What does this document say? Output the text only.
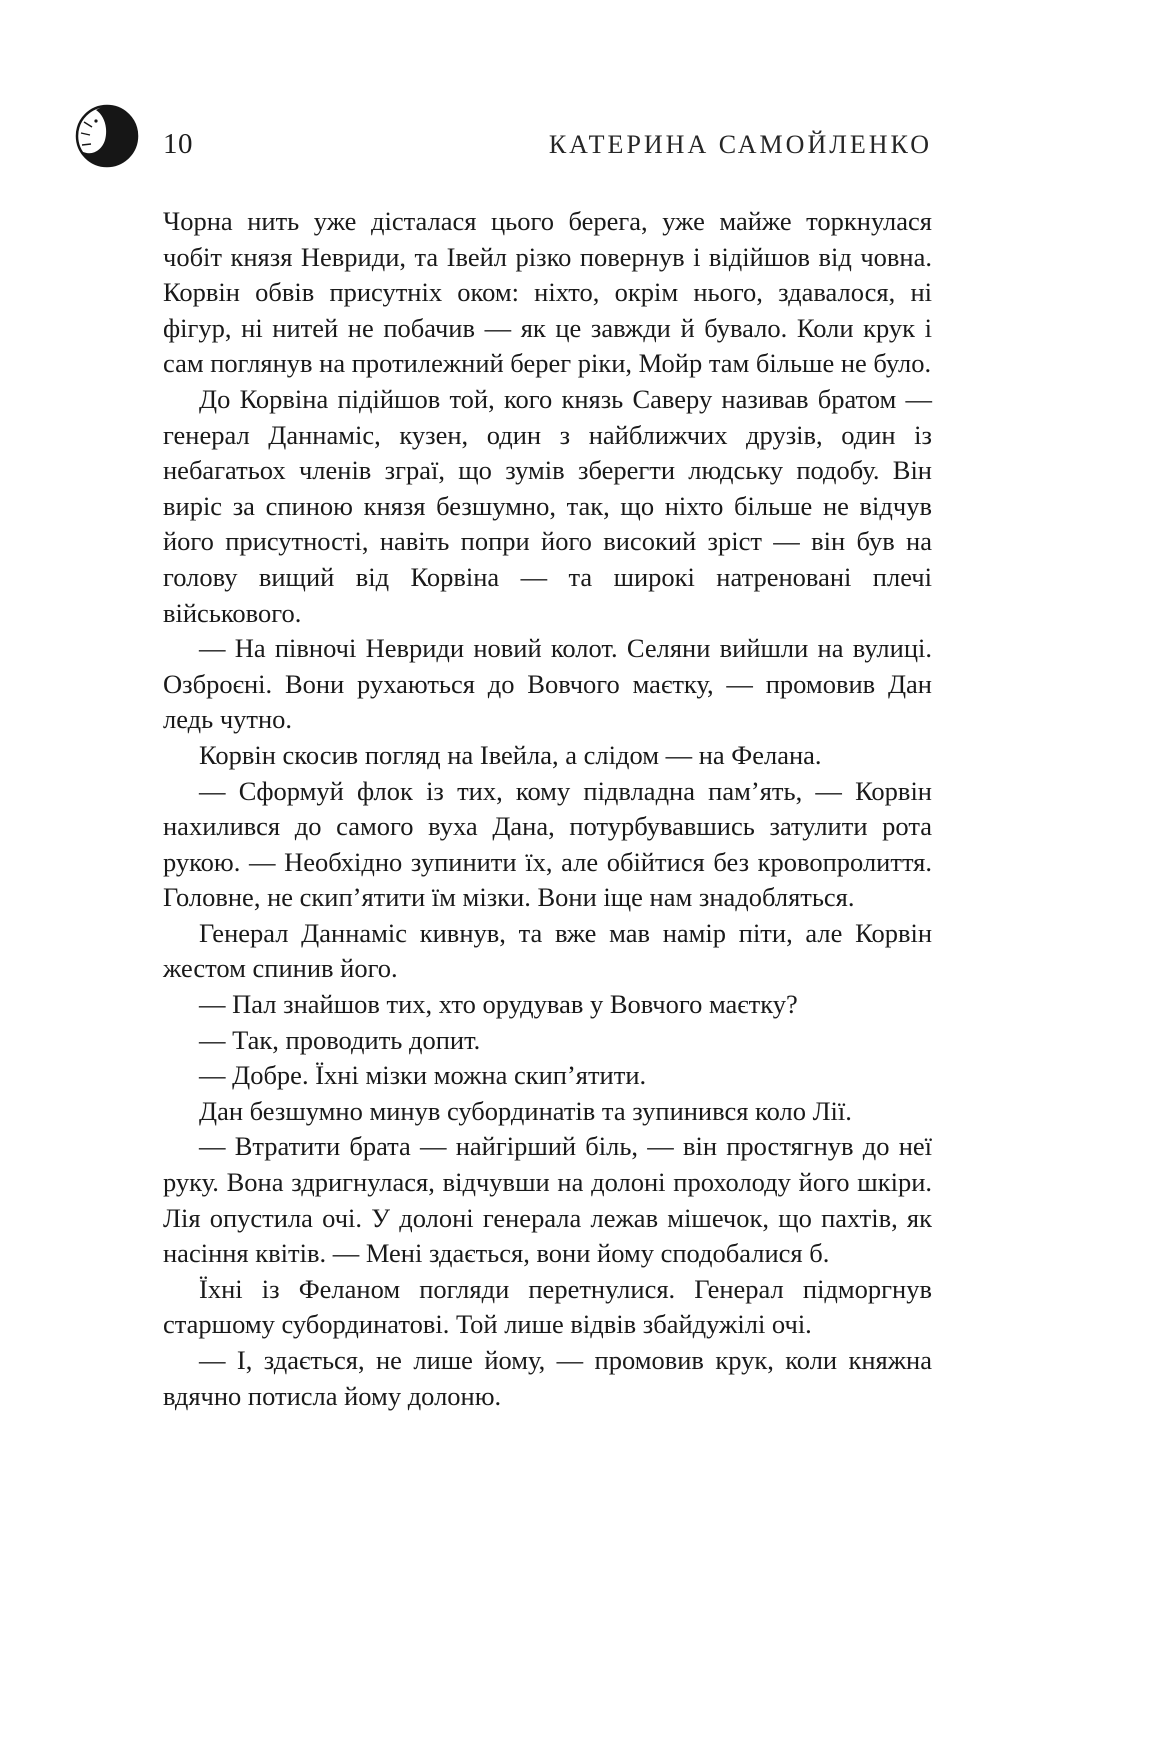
10	КАТЕРИНА САМОЙЛЕНКО

Чорна нить уже дісталася цього берега, уже майже торкнулася чобіт князя Невриди, та Івейл різко повернув і відійшов від човна. Корвін обвів присутніх оком: ніхто, окрім нього, здавалося, ні фігур, ні нитей не побачив — як це завжди й бувало. Коли крук і сам поглянув на протилежний берег ріки, Мойр там більше не було.

До Корвіна підійшов той, кого князь Саверу називав братом — генерал Даннаміс, кузен, один з найближчих друзів, один із небагатьох членів зграї, що зумів зберегти людську подобу. Він виріс за спиною князя безшумно, так, що ніхто більше не відчув його присутності, навіть попри його високий зріст — він був на голову вищий від Корвіна — та широкі натреновані плечі військового.

— На півночі Невриди новий колот. Селяни вийшли на вулиці. Озброєні. Вони рухаються до Вовчого маєтку, — промовив Дан ледь чутно.

Корвін скосив погляд на Івейла, а слідом — на Фелана.

— Сформуй флок із тих, кому підвладна пам’ять, — Корвін нахилився до самого вуха Дана, потурбувавшись затулити рота рукою. — Необхідно зупинити їх, але обійтися без кровопролиття. Головне, не скип’ятити їм мізки. Вони іще нам знадобляться.

Генерал Даннаміс кивнув, та вже мав намір піти, але Корвін жестом спинив його.

— Пал знайшов тих, хто орудував у Вовчого маєтку?

— Так, проводить допит.

— Добре. Їхні мізки можна скип’ятити.

Дан безшумно минув субординатів та зупинився коло Лії.

— Втратити брата — найгірший біль, — він простягнув до неї руку. Вона здригнулася, відчувши на долоні прохолоду його шкіри. Лія опустила очі. У долоні генерала лежав мішечок, що пахтів, як насіння квітів. — Мені здається, вони йому сподобалися б.

Їхні із Феланом погляди перетнулися. Генерал підморгнув старшому субординатові. Той лише відвів збайдужілі очі.

— І, здається, не лише йому, — промовив крук, коли княжна вдячно потисла йому долоню.
